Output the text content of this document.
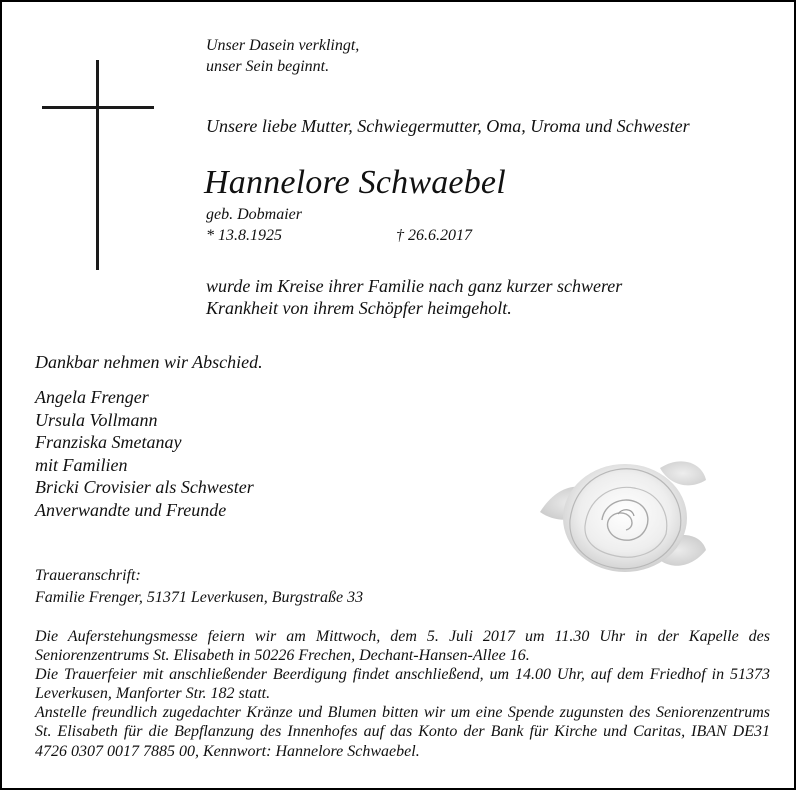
Unser Dasein verklingt,
unser Sein beginnt.
Unsere liebe Mutter, Schwiegermutter, Oma, Uroma und Schwester
Hannelore Schwaebel
geb. Dobmaier
* 13.8.1925	† 26.6.2017
wurde im Kreise ihrer Familie nach ganz kurzer schwerer
Krankheit von ihrem Schöpfer heimgeholt.
Dankbar nehmen wir Abschied.
Angela Frenger
Ursula Vollmann
Franziska Smetanay
mit Familien
Bricki Crovisier als Schwester
Anverwandte und Freunde
Traueranschrift:
Familie Frenger, 51371 Leverkusen, Burgstraße 33

Die Auferstehungsmesse feiern wir am Mittwoch, dem 5. Juli 2017 um 11.30 Uhr in der Kapelle des Seniorenzentrums St. Elisabeth in 50226 Frechen, Dechant-Hansen-Allee 16.

Die Trauerfeier mit anschließender Beerdigung findet anschließend, um 14.00 Uhr, auf dem Friedhof in 51373 Leverkusen, Manforter Str. 182 statt.

Anstelle freundlich zugedachter Kränze und Blumen bitten wir um eine Spende zugunsten des Seniorenzentrums St. Elisabeth für die Bepflanzung des Innenhofes auf das Konto der Bank für Kirche und Caritas, IBAN DE31 4726 0307 0017 7885 00, Kennwort: Hannelore Schwaebel.
